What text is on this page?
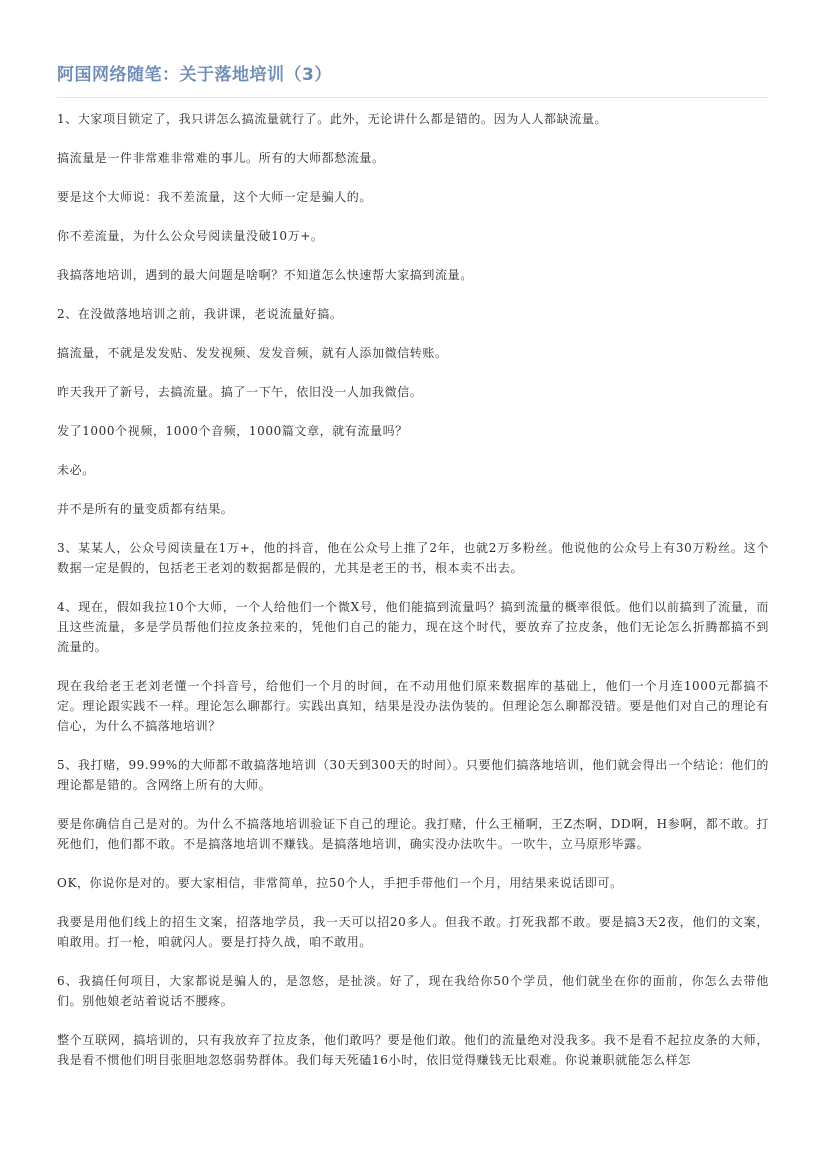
阿国网络随笔：关于落地培训（3）

1、大家项目锁定了，我只讲怎么搞流量就行了。此外，无论讲什么都是错的。因为人人都缺流量。

搞流量是一件非常难非常难的事儿。所有的大师都愁流量。

要是这个大师说：我不差流量，这个大师一定是骗人的。

你不差流量，为什么公众号阅读量没破10万+。

我搞落地培训，遇到的最大问题是啥啊？不知道怎么快速帮大家搞到流量。

2、在没做落地培训之前，我讲课，老说流量好搞。

搞流量，不就是发发贴、发发视频、发发音频，就有人添加微信转账。

昨天我开了新号，去搞流量。搞了一下午，依旧没一人加我微信。

发了1000个视频，1000个音频，1000篇文章，就有流量吗？

未必。

并不是所有的量变质都有结果。

3、某某人，公众号阅读量在1万+，他的抖音，他在公众号上推了2年，也就2万多粉丝。他说他的公众号上有30万粉丝。这个数据一定是假的，包括老王老刘的数据都是假的，尤其是老王的书，根本卖不出去。

4、现在，假如我拉10个大师，一个人给他们一个微X号，他们能搞到流量吗？搞到流量的概率很低。他们以前搞到了流量，而且这些流量，多是学员帮他们拉皮条拉来的，凭他们自己的能力，现在这个时代，要放弃了拉皮条，他们无论怎么折腾都搞不到流量的。

现在我给老王老刘老懂一个抖音号，给他们一个月的时间，在不动用他们原来数据库的基础上，他们一个月连1000元都搞不定。理论跟实践不一样。理论怎么聊都行。实践出真知，结果是没办法伪装的。但理论怎么聊都没错。要是他们对自己的理论有信心，为什么不搞落地培训？

5、我打赌，99.99%的大师都不敢搞落地培训（30天到300天的时间）。只要他们搞落地培训，他们就会得出一个结论：他们的理论都是错的。含网络上所有的大师。

要是你确信自己是对的。为什么不搞落地培训验证下自己的理论。我打赌，什么王桶啊，王Z杰啊，DD啊，H参啊，都不敢。打死他们，他们都不敢。不是搞落地培训不赚钱。是搞落地培训，确实没办法吹牛。一吹牛，立马原形毕露。

OK，你说你是对的。要大家相信，非常简单，拉50个人，手把手带他们一个月，用结果来说话即可。

我要是用他们线上的招生文案，招落地学员，我一天可以招20多人。但我不敢。打死我都不敢。要是搞3天2夜，他们的文案，咱敢用。打一枪，咱就闪人。要是打持久战，咱不敢用。

6、我搞任何项目，大家都说是骗人的，是忽悠，是扯淡。好了，现在我给你50个学员，他们就坐在你的面前，你怎么去带他们。别他娘老站着说话不腰疼。

整个互联网，搞培训的，只有我放弃了拉皮条，他们敢吗？要是他们敢。他们的流量绝对没我多。我不是看不起拉皮条的大师，我是看不惯他们明目张胆地忽悠弱势群体。我们每天死磕16小时，依旧觉得赚钱无比艰难。你说兼职就能怎么样怎
